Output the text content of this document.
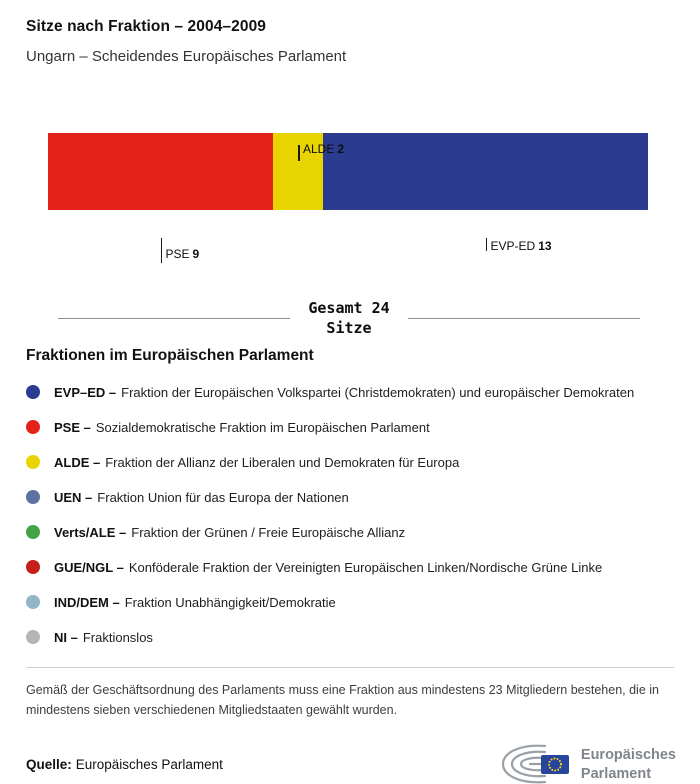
Sitze nach Fraktion – 2004–2009
Ungarn – Scheidendes Europäisches Parlament
ALDE 2
PSE 9
EVP-ED 13
Gesamt 24
Sitze
Fraktionen im Europäischen Parlament
EVP–ED – Fraktion der Europäischen Volkspartei (Christdemokraten) und europäischer Demokraten
PSE – Sozialdemokratische Fraktion im Europäischen Parlament
ALDE – Fraktion der Allianz der Liberalen und Demokraten für Europa
UEN – Fraktion Union für das Europa der Nationen
Verts/ALE – Fraktion der Grünen / Freie Europäische Allianz
GUE/NGL – Konföderale Fraktion der Vereinigten Europäischen Linken/Nordische Grüne Linke
IND/DEM – Fraktion Unabhängigkeit/Demokratie
NI – Fraktionslos
Gemäß der Geschäftsordnung des Parlaments muss eine Fraktion aus mindestens 23 Mitgliedern bestehen, die in mindestens sieben verschiedenen Mitgliedstaaten gewählt wurden.
Quelle: Europäisches Parlament
Europäisches
Parlament
